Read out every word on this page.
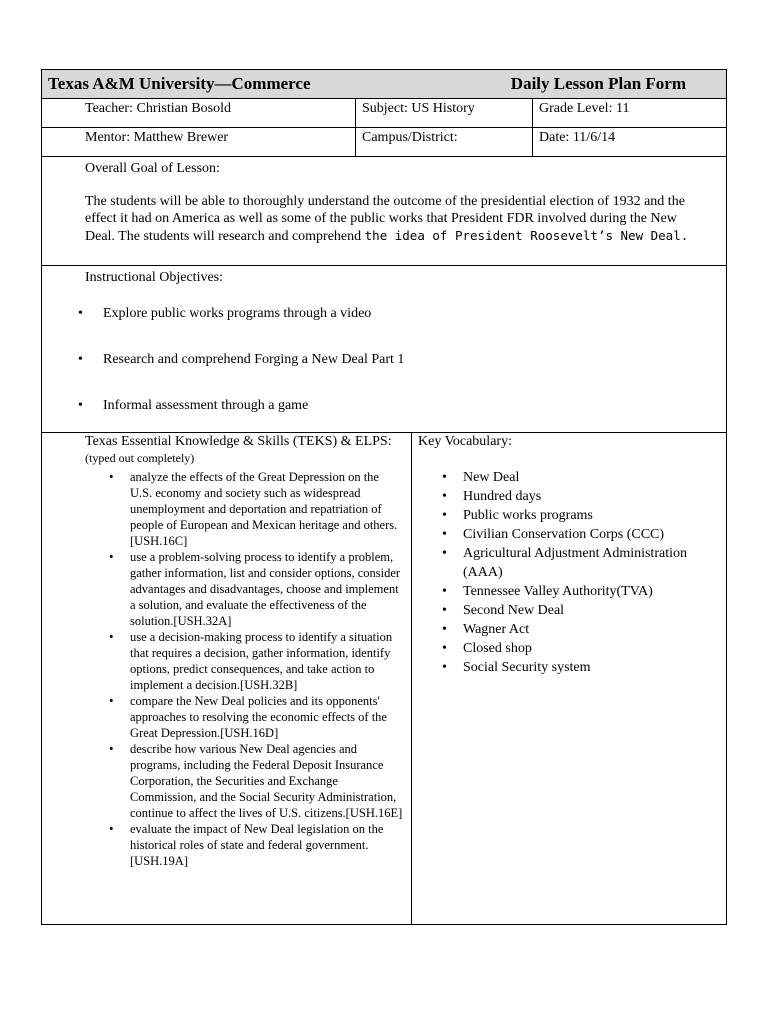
Texas A&M University—Commerce	Daily Lesson Plan Form
Teacher: Christian Bosold	Subject: US History	Grade Level: 11
Mentor: Matthew Brewer	Campus/District:	Date: 11/6/14

Overall Goal of Lesson:

The students will be able to thoroughly understand the outcome of the presidential election of 1932 and the effect it had on America as well as some of the public works that President FDR involved during the New Deal. The students will research and comprehend the idea of President Roosevelt’s New Deal.

Instructional Objectives:
• Explore public works programs through a video
• Research and comprehend Forging a New Deal Part 1
• Informal assessment through a game
Texas Essential Knowledge & Skills (TEKS) & ELPS: (typed out completely)
• analyze the effects of the Great Depression on the U.S. economy and society such as widespread unemployment and deportation and repatriation of people of European and Mexican heritage and others.[USH.16C]
• use a problem-solving process to identify a problem, gather information, list and consider options, consider advantages and disadvantages, choose and implement a solution, and evaluate the effectiveness of the solution.[USH.32A]
• use a decision-making process to identify a situation that requires a decision, gather information, identify options, predict consequences, and take action to implement a decision.[USH.32B]
• compare the New Deal policies and its opponents' approaches to resolving the economic effects of the Great Depression.[USH.16D]
• describe how various New Deal agencies and programs, including the Federal Deposit Insurance Corporation, the Securities and Exchange Commission, and the Social Security Administration, continue to affect the lives of U.S. citizens.[USH.16E]
• evaluate the impact of New Deal legislation on the historical roles of state and federal government.[USH.19A]
Key Vocabulary:
• New Deal
• Hundred days
• Public works programs
• Civilian Conservation Corps (CCC)
• Agricultural Adjustment Administration (AAA)
• Tennessee Valley Authority(TVA)
• Second New Deal
• Wagner Act
• Closed shop
• Social Security system
